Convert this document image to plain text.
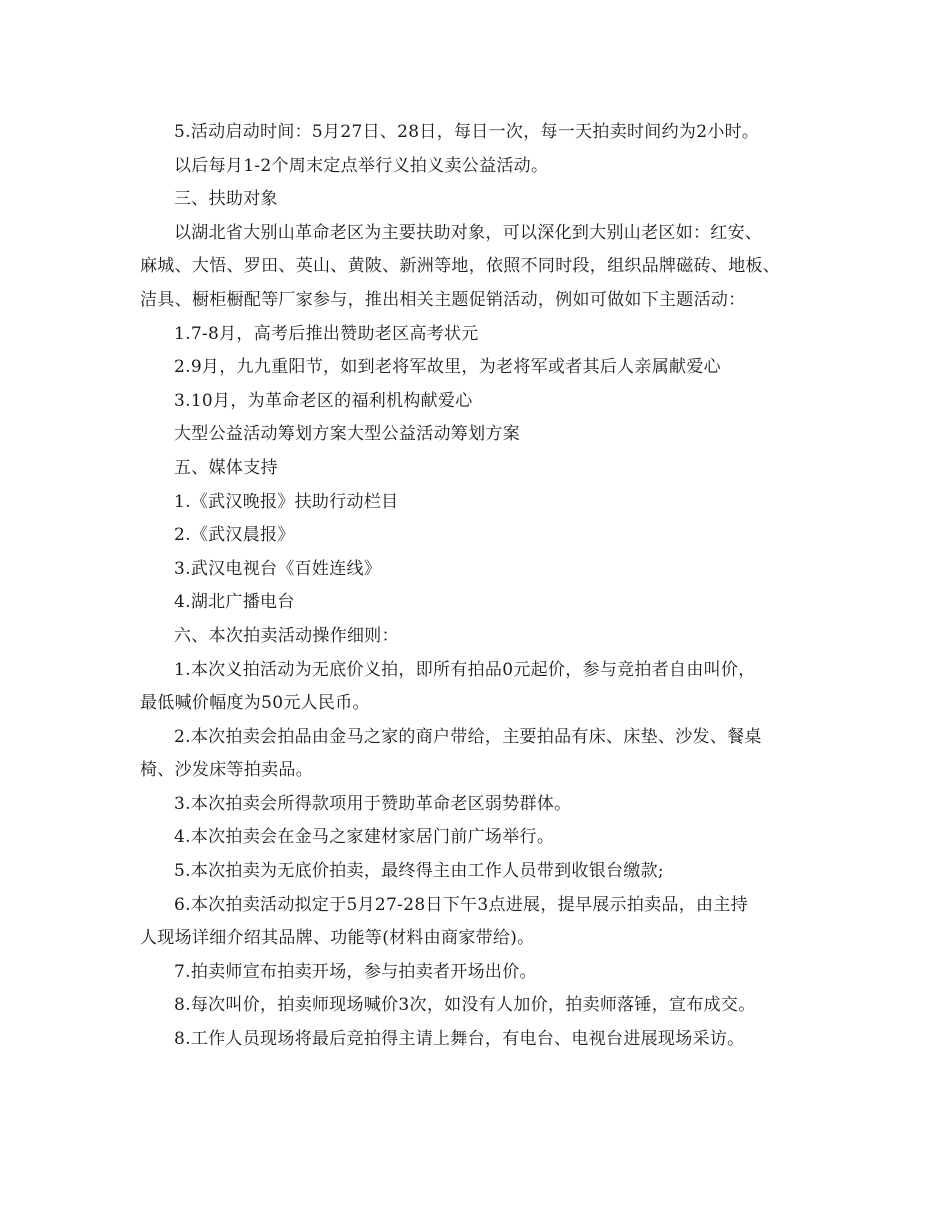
5.活动启动时间：5月27日、28日，每日一次，每一天拍卖时间约为2小时。

以后每月1-2个周末定点举行义拍义卖公益活动。

三、扶助对象

以湖北省大别山革命老区为主要扶助对象，可以深化到大别山老区如：红安、

麻城、大悟、罗田、英山、黄陂、新洲等地，依照不同时段，组织品牌磁砖、地板、

洁具、橱柜橱配等厂家参与，推出相关主题促销活动，例如可做如下主题活动：

1.7-8月，高考后推出赞助老区高考状元

2.9月，九九重阳节，如到老将军故里，为老将军或者其后人亲属献爱心

3.10月，为革命老区的福利机构献爱心

大型公益活动筹划方案大型公益活动筹划方案

五、媒体支持

1.《武汉晚报》扶助行动栏目

2.《武汉晨报》

3.武汉电视台《百姓连线》

4.湖北广播电台

六、本次拍卖活动操作细则：

1.本次义拍活动为无底价义拍，即所有拍品0元起价，参与竞拍者自由叫价，

最低喊价幅度为50元人民币。

2.本次拍卖会拍品由金马之家的商户带给，主要拍品有床、床垫、沙发、餐桌

椅、沙发床等拍卖品。

3.本次拍卖会所得款项用于赞助革命老区弱势群体。

4.本次拍卖会在金马之家建材家居门前广场举行。

5.本次拍卖为无底价拍卖，最终得主由工作人员带到收银台缴款;

6.本次拍卖活动拟定于5月27-28日下午3点进展，提早展示拍卖品，由主持

人现场详细介绍其品牌、功能等(材料由商家带给)。

7.拍卖师宣布拍卖开场，参与拍卖者开场出价。

8.每次叫价，拍卖师现场喊价3次，如没有人加价，拍卖师落锤，宣布成交。

8.工作人员现场将最后竞拍得主请上舞台，有电台、电视台进展现场采访。
